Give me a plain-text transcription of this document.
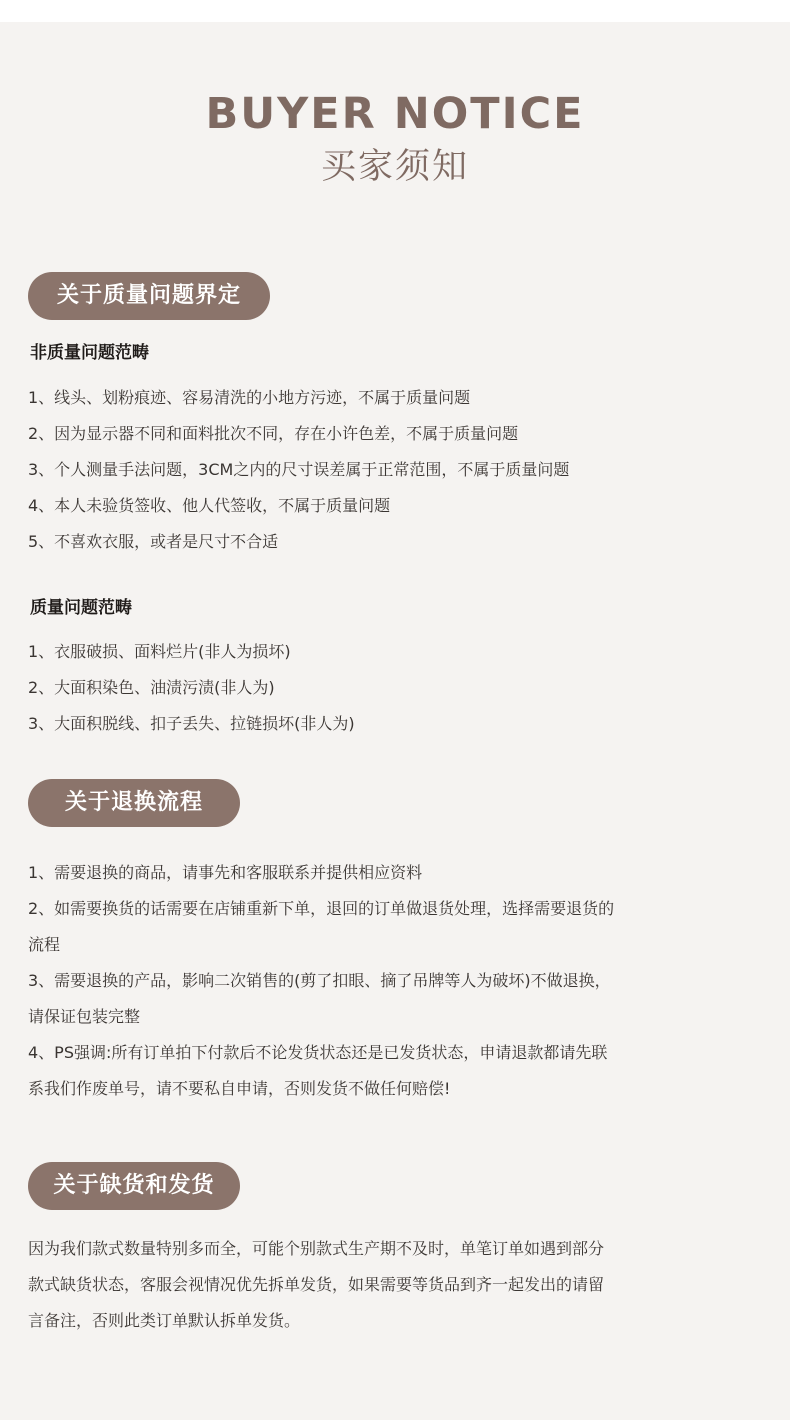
BUYER NOTICE
买家须知
关于质量问题界定
非质量问题范畴
1、线头、划粉痕迹、容易清洗的小地方污迹，不属于质量问题
2、因为显示器不同和面料批次不同，存在小许色差，不属于质量问题
3、个人测量手法问题，3CM之内的尺寸误差属于正常范围，不属于质量问题
4、本人未验货签收、他人代签收，不属于质量问题
5、不喜欢衣服，或者是尺寸不合适
质量问题范畴
1、衣服破损、面料烂片(非人为损坏)
2、大面积染色、油渍污渍(非人为)
3、大面积脱线、扣子丢失、拉链损坏(非人为)
关于退换流程
1、需要退换的商品，请事先和客服联系并提供相应资料
2、如需要换货的话需要在店铺重新下单，退回的订单做退货处理，选择需要退货的
流程
3、需要退换的产品，影响二次销售的(剪了扣眼、摘了吊牌等人为破坏)不做退换，
请保证包装完整
4、PS强调:所有订单拍下付款后不论发货状态还是已发货状态，申请退款都请先联
系我们作废单号，请不要私自申请，否则发货不做任何赔偿!
关于缺货和发货
因为我们款式数量特别多而全，可能个别款式生产期不及时，单笔订单如遇到部分
款式缺货状态，客服会视情况优先拆单发货，如果需要等货品到齐一起发出的请留
言备注，否则此类订单默认拆单发货。
